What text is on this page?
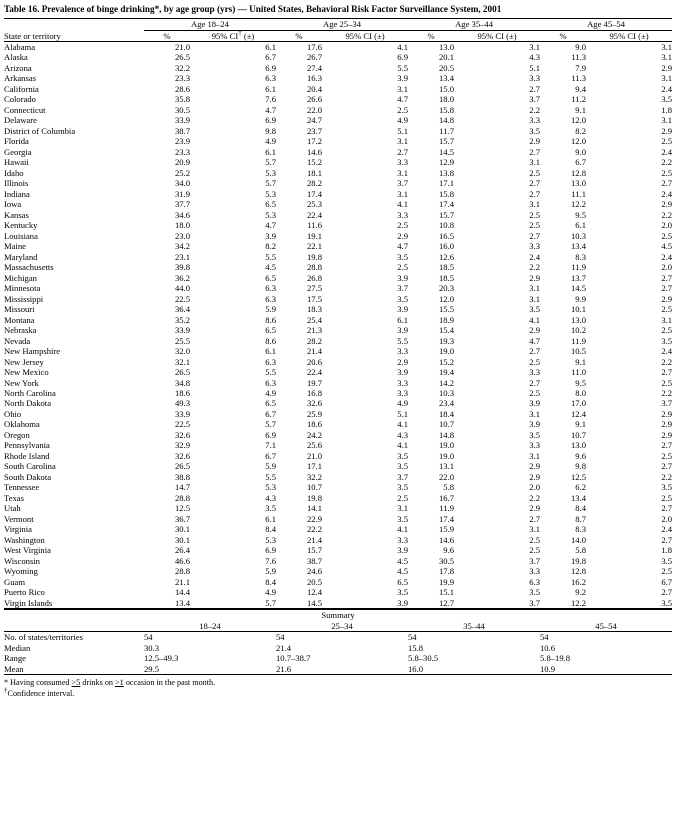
Table 16. Prevalence of binge drinking*, by age group (yrs) — United States, Behavioral Risk Factor Surveillance System, 2001
	Age 18–24		Age 25–34		Age 35–44		Age 45–54	
State or territory	%	95% CI† (±)	%	95% CI (±)	%	95% CI (±)	%	95% CI (±)
Alabama	21.0	6.1	17.6	4.1	13.0	3.1	9.0	3.1
Alaska	26.5	6.7	26.7	6.9	20.1	4.3	11.3	3.1
Arizona	32.2	6.9	27.4	5.5	20.5	5.1	7.9	2.9
Arkansas	23.3	6.3	16.3	3.9	13.4	3.3	11.3	3.1
California	28.6	6.1	20.4	3.1	15.0	2.7	9.4	2.4
Colorado	35.8	7.6	26.6	4.7	18.0	3.7	11.2	3.5
Connecticut	30.5	4.7	22.0	2.5	15.8	2.2	9.1	1.8
Delaware	33.9	6.9	24.7	4.9	14.8	3.3	12.0	3.1
District of Columbia	38.7	9.8	23.7	5.1	11.7	3.5	8.2	2.9
Florida	23.9	4.9	17.2	3.1	15.7	2.9	12.0	2.5
Georgia	23.3	6.1	14.6	2.7	14.5	2.7	9.0	2.4
Hawaii	20.9	5.7	15.2	3.3	12.9	3.1	6.7	2.2
Idaho	25.2	5.3	18.1	3.1	13.8	2.5	12.8	2.5
Illinois	34.0	5.7	28.2	3.7	17.1	2.7	13.0	2.7
Indiana	31.9	5.3	17.4	3.1	15.8	2.7	11.1	2.4
Iowa	37.7	6.5	25.3	4.1	17.4	3.1	12.2	2.9
Kansas	34.6	5.3	22.4	3.3	15.7	2.5	9.5	2.2
Kentucky	18.0	4.7	11.6	2.5	10.8	2.5	6.1	2.0
Louisiana	23.0	3.9	19.1	2.9	16.5	2.7	10.3	2.5
Maine	34.2	8.2	22.1	4.7	16.0	3.3	13.4	4.5
Maryland	23.1	5.5	19.8	3.5	12.6	2.4	8.3	2.4
Massachusetts	39.8	4.5	28.8	2.5	18.5	2.2	11.9	2.0
Michigan	36.2	6.5	26.8	3.9	18.5	2.9	13.7	2.7
Minnesota	44.0	6.3	27.5	3.7	20.3	3.1	14.5	2.7
Mississippi	22.5	6.3	17.5	3.5	12.0	3.1	9.9	2.9
Missouri	36.4	5.9	18.3	3.9	15.5	3.5	10.1	2.5
Montana	35.2	8.6	25.4	6.1	18.9	4.1	13.0	3.1
Nebraska	33.9	6.5	21.3	3.9	15.4	2.9	10.2	2.5
Nevada	25.5	8.6	28.2	5.5	19.3	4.7	11.9	3.5
New Hampshire	32.0	6.1	21.4	3.3	19.0	2.7	10.5	2.4
New Jersey	32.1	6.3	20.6	2.9	15.2	2.5	9.1	2.2
New Mexico	26.5	5.5	22.4	3.9	19.4	3.3	11.0	2.7
New York	34.8	6.3	19.7	3.3	14.2	2.7	9.5	2.5
North Carolina	18.6	4.9	16.8	3.3	10.3	2.5	8.0	2.2
North Dakota	49.3	6.5	32.6	4.9	23.4	3.9	17.0	3.7
Ohio	33.9	6.7	25.9	5.1	18.4	3.1	12.4	2.9
Oklahoma	22.5	5.7	18.6	4.1	10.7	3.9	9.1	2.9
Oregon	32.6	6.9	24.2	4.3	14.8	3.5	10.7	2.9
Pennsylvania	32.9	7.1	25.6	4.1	19.0	3.3	13.0	2.7
Rhode Island	32.6	6.7	21.0	3.5	19.0	3.1	9.6	2.5
South Carolina	26.5	5.9	17.1	3.5	13.1	2.9	9.8	2.7
South Dakota	38.8	5.5	32.2	3.7	22.0	2.9	12.5	2.2
Tennessee	14.7	5.3	10.7	3.5	5.8	2.0	6.2	3.5
Texas	28.8	4.3	19.8	2.5	16.7	2.2	13.4	2.5
Utah	12.5	3.5	14.1	3.1	11.9	2.9	8.4	2.7
Vermont	36.7	6.1	22.9	3.5	17.4	2.7	8.7	2.0
Virginia	30.1	8.4	22.2	4.1	15.9	3.1	8.3	2.4
Washington	30.1	5.3	21.4	3.3	14.6	2.5	14.0	2.7
West Virginia	26.4	6.9	15.7	3.9	9.6	2.5	5.8	1.8
Wisconsin	46.6	7.6	38.7	4.5	30.5	3.7	19.8	3.5
Wyoming	28.8	5.9	24.6	4.5	17.8	3.3	12.8	2.5
Guam	21.1	8.4	20.5	6.5	19.9	6.3	16.2	6.7
Puerto Rico	14.4	4.9	12.4	3.5	15.1	3.5	9.2	2.7
Virgin Islands	13.4	5.7	14.5	3.9	12.7	3.7	12.2	3.5
Summary				
	18–24	25–34	35–44	45–54
No. of states/territories	54	54	54	54
Median	30.3	21.4	15.8	10.6
Range	12.5–49.3	10.7–38.7	5.8–30.5	5.8–19.8
Mean	29.5	21.6	16.0	10.9
* Having consumed >5 drinks on >1 occasion in the past month.
†Confidence interval.
